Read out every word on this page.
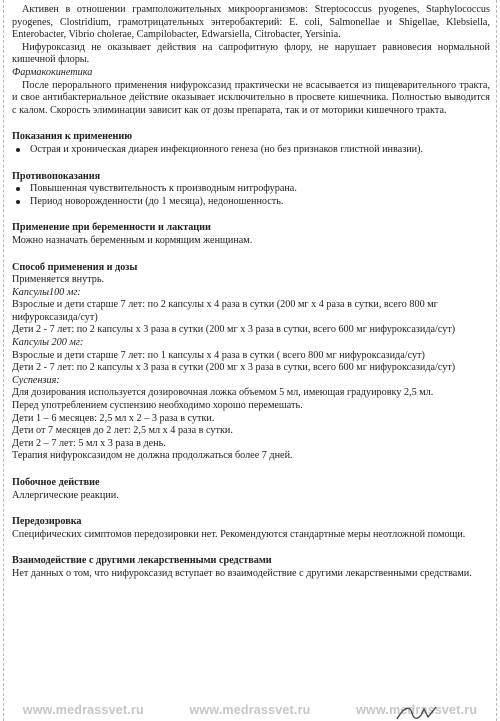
Активен в отношении грамположительных микроорганизмов: Streptococcus pyogenes, Staphylococcus pyogenes, Clostridium, грамотрицательных энтеробактерий: E. coli, Salmonellae и Shigellae, Klebsiella, Enterobacter, Vibrio cholerae, Campilobacter, Edwarsiella, Citrobacter, Yersinia.

Нифуроксазид не оказывает действия на сапрофитную флору, не нарушает равновесия нормальной кишечной флоры.

Фармакокинетика

После перорального применения нифуроксазид практически не всасывается из пищеварительного тракта, и свое антибактериальное действие оказывает исключительно в просвете кишечника. Полностью выводится с калом. Скорость элиминации зависит как от дозы препарата, так и от моторики кишечного тракта.

Показания к применению

Острая и хроническая диарея инфекционного генеза (но без признаков глистной инвазии).

Противопоказания

Повышенная чувствительность к производным нитрофурана.
Период новорожденности (до 1 месяца), недоношенность.

Применение при беременности и лактации

Можно назначать беременным и кормящим женщинам.

Способ применения и дозы

Применяется внутрь.

Капсулы100 мг:

Взрослые и дети старше 7 лет: по 2 капсулы х 4 раза в сутки (200 мг х 4 раза в сутки, всего 800 мг нифуроксазида/сут)

Дети 2 - 7 лет: по 2 капсулы х 3 раза в сутки (200 мг х 3 раза в сутки, всего 600 мг нифуроксазида/сут)

Капсулы 200 мг:

Взрослые и дети старше 7 лет: по 1 капсулы х 4 раза в сутки ( всего 800 мг нифуроксазида/сут)

Дети 2 - 7 лет: по 2 капсулы х 3 раза в сутки (200 мг х 3 раза в сутки, всего 600 мг нифуроксазида/сут)

Суспензия:

Для дозирования используется дозировочная ложка объемом 5 мл, имеющая градуировку 2,5 мл.

Перед употреблением суспензию необходимо хорошо перемешать.

Дети 1 – 6 месяцев: 2,5 мл х 2 – 3 раза в сутки.

Дети от 7 месяцев до 2 лет: 2,5 мл х 4 раза в сутки.

Дети 2 – 7 лет: 5 мл х 3 раза в день.

Терапия нифуроксазидом не должна продолжаться более 7 дней.

Побочное действие

Аллергические реакции.

Передозировка

Специфических симптомов передозировки нет. Рекомендуются стандартные меры неотложной помощи.

Взаимодействие с другими лекарственными средствами

Нет данных о том, что нифуроксазид вступает во взаимодействие с другими лекарственными средствами.

www.medrassvet.ru	www.medrassvet.ru	www.medrassvet.ru
